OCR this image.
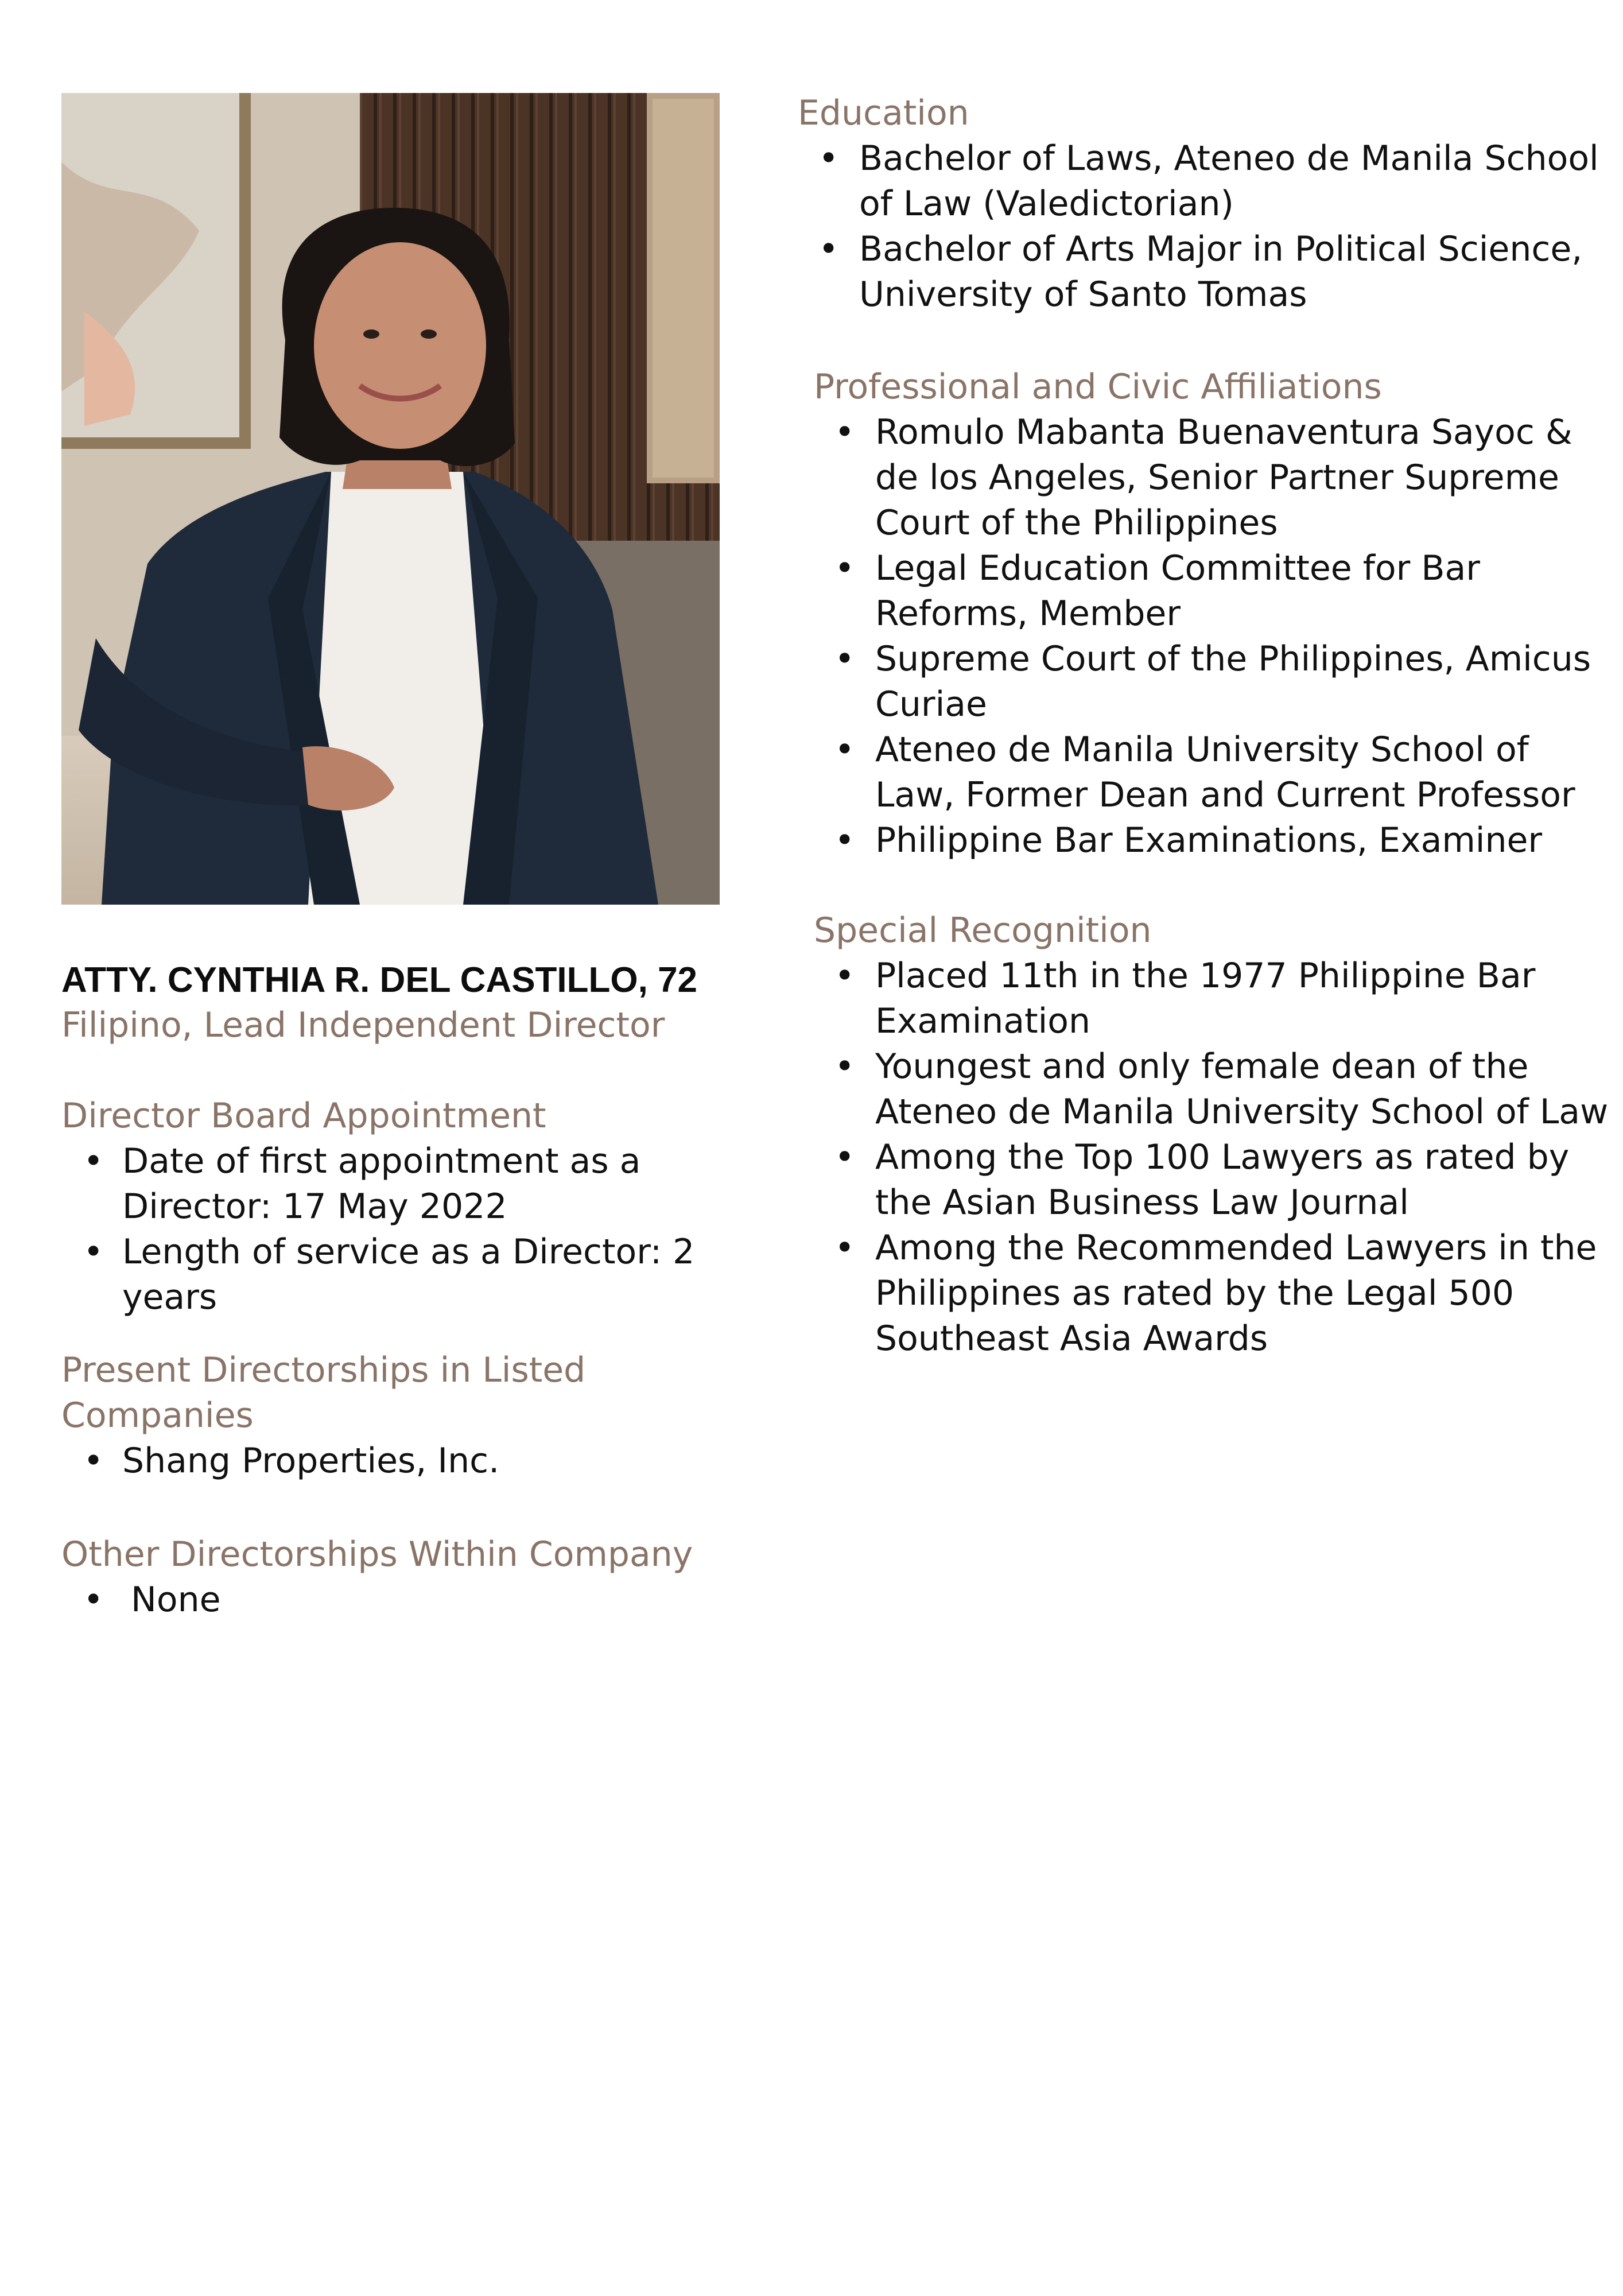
ATTY. CYNTHIA R. DEL CASTILLO, 72

Filipino, Lead Independent Director

Director Board Appointment
• Date of first appointment as a Director: 17 May 2022
• Length of service as a Director: 2 years
Present Directorships in Listed Companies
• Shang Properties, Inc.
Other Directorships Within Company
• None
Education
• Bachelor of Laws, Ateneo de Manila School of Law (Valedictorian)
• Bachelor of Arts Major in Political Science, University of Santo Tomas
Professional and Civic Affiliations
• Romulo Mabanta Buenaventura Sayoc & de los Angeles, Senior Partner Supreme Court of the Philippines
• Legal Education Committee for Bar Reforms, Member
• Supreme Court of the Philippines, Amicus Curiae
• Ateneo de Manila University School of Law, Former Dean and Current Professor
• Philippine Bar Examinations, Examiner
Special Recognition
• Placed 11th in the 1977 Philippine Bar Examination
• Youngest and only female dean of the Ateneo de Manila University School of Law
• Among the Top 100 Lawyers as rated by the Asian Business Law Journal
• Among the Recommended Lawyers in the Philippines as rated by the Legal 500 Southeast Asia Awards
